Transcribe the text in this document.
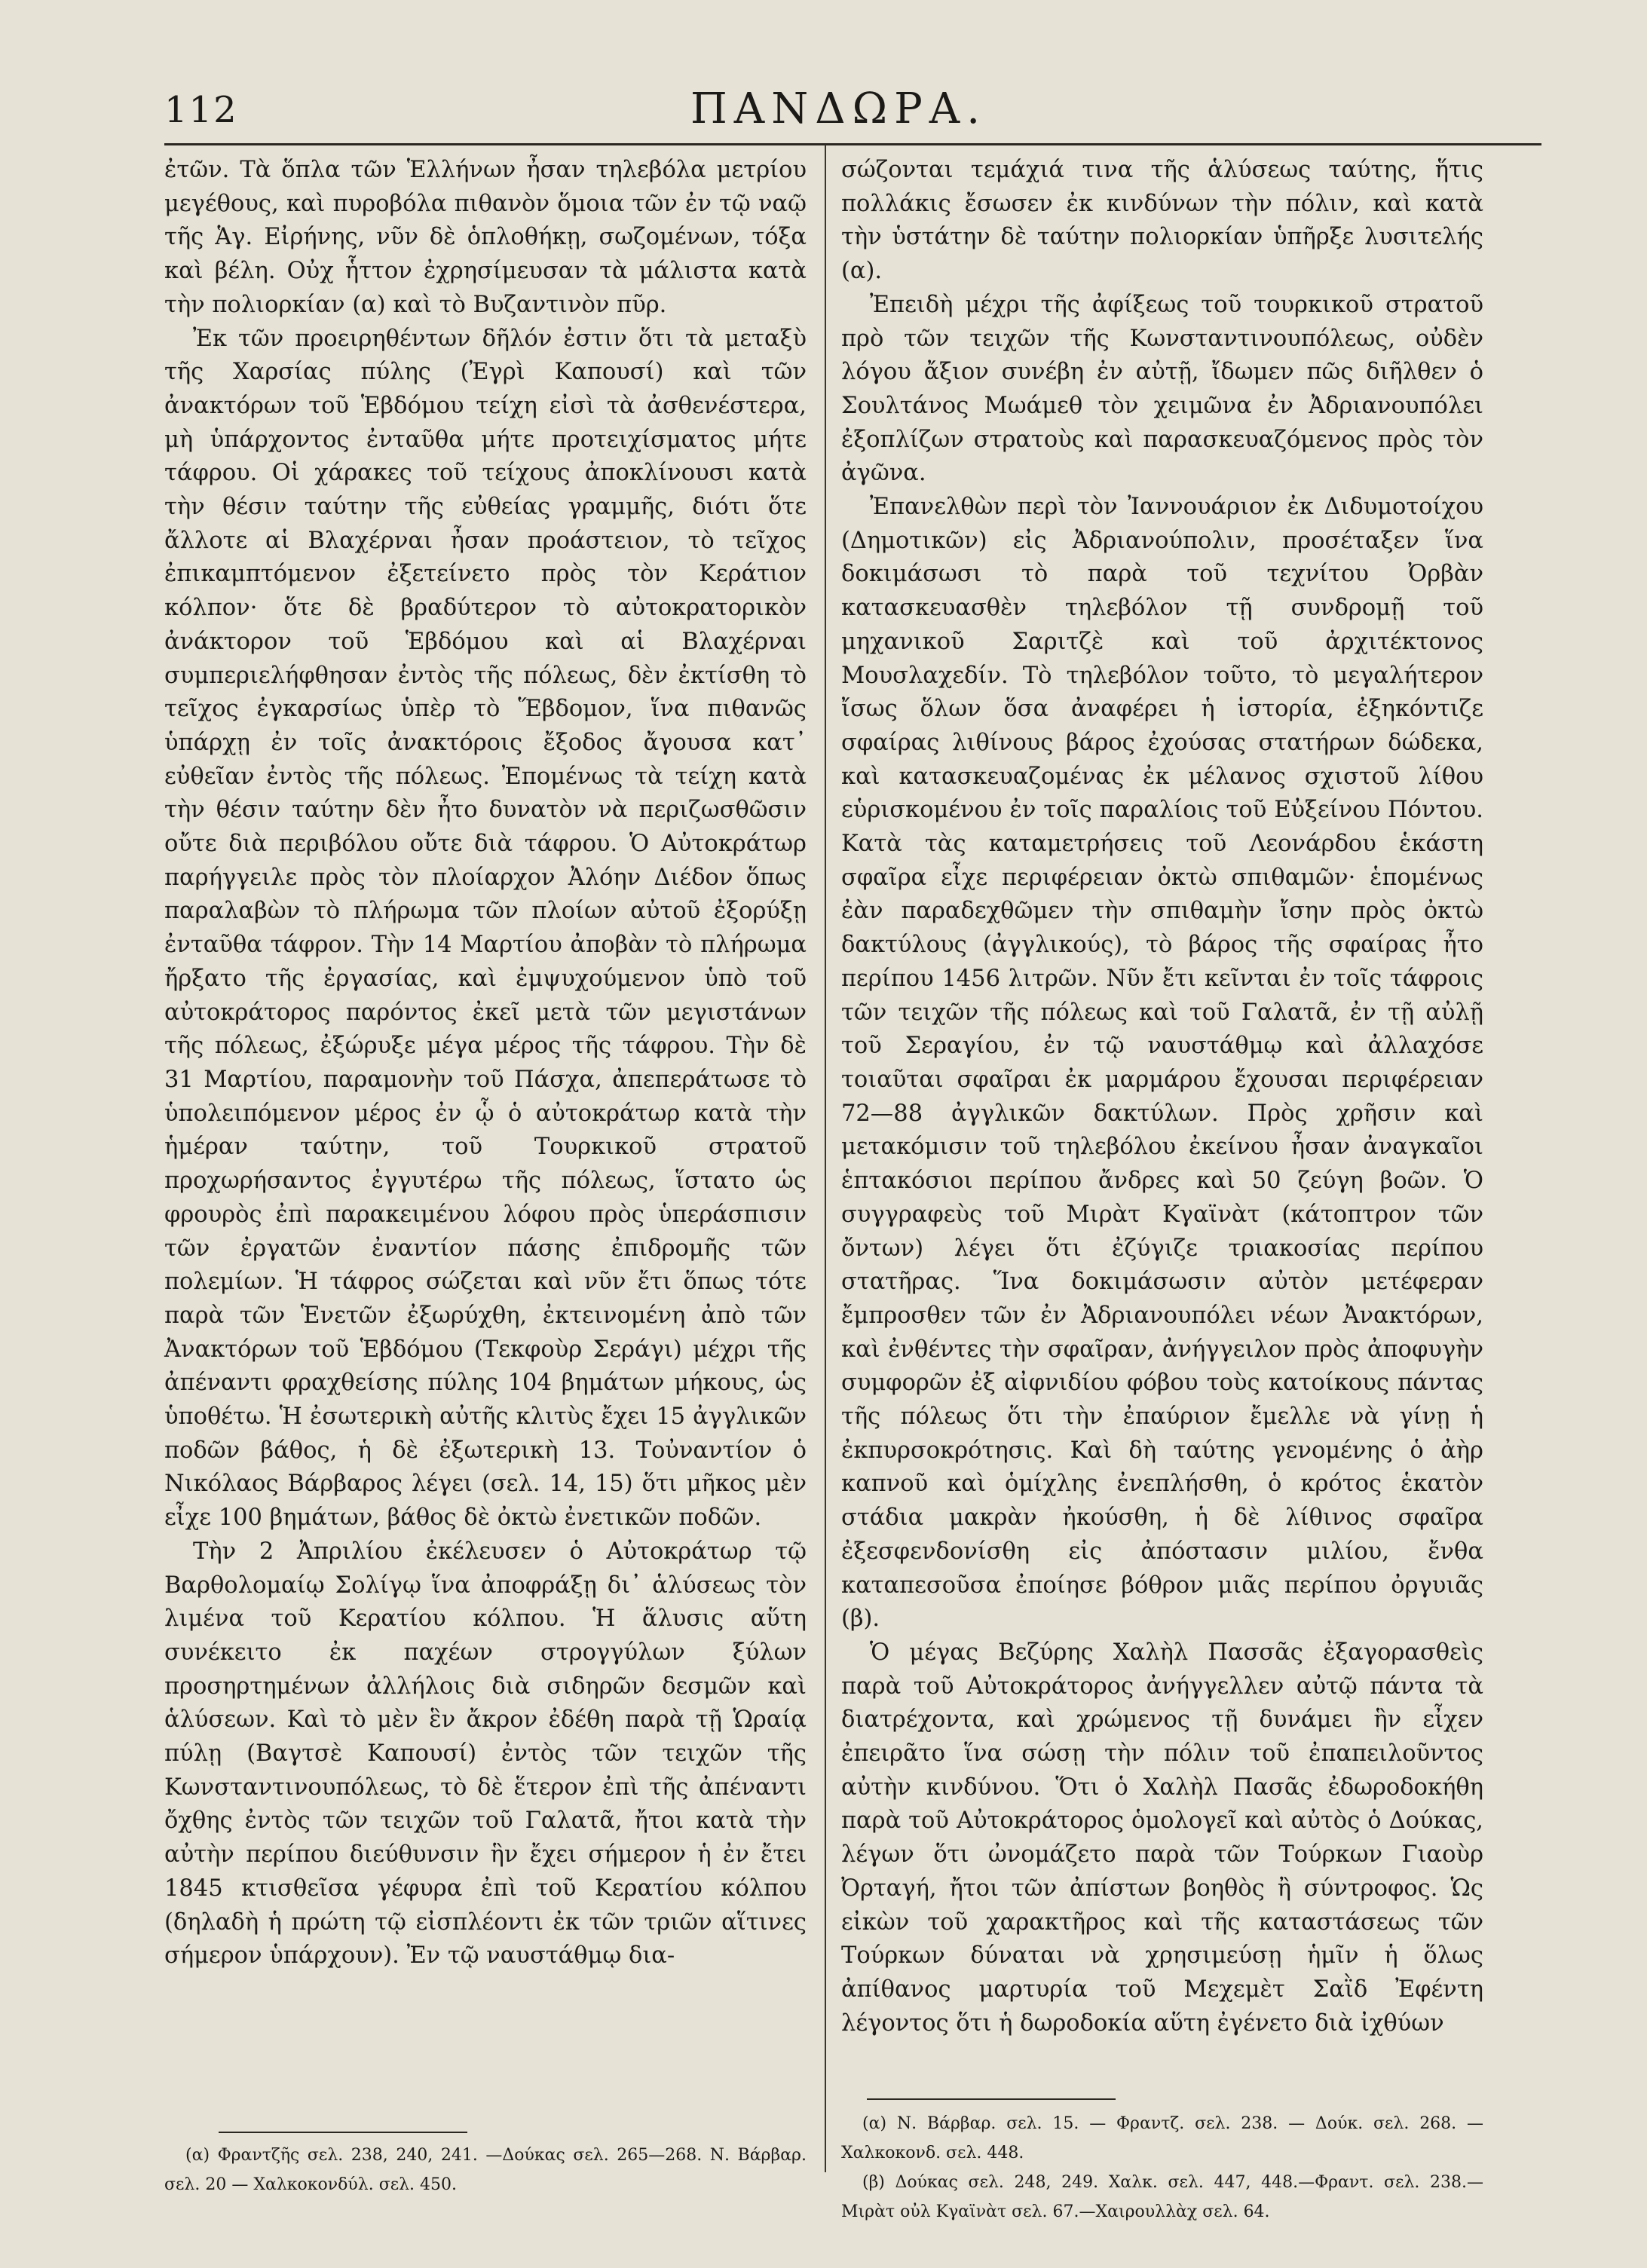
112	ΠΑΝΔΩΡΑ.

ἐτῶν. Τὰ ὅπλα τῶν Ἑλλήνων ἦσαν τηλεβόλα μετρίου μεγέθους, καὶ πυροβόλα πιθανὸν ὅμοια τῶν ἐν τῷ ναῷ τῆς Ἁγ. Εἰρήνης, νῦν δὲ ὁπλοθήκῃ, σωζομένων, τόξα καὶ βέλη. Οὐχ ἧττον ἐχρησίμευσαν τὰ μάλιστα κατὰ τὴν πολιορκίαν (α) καὶ τὸ Βυζαντινὸν πῦρ.

Ἐκ τῶν προειρηθέντων δῆλόν ἐστιν ὅτι τὰ μεταξὺ τῆς Χαρσίας πύλης (Ἐγρὶ Καπουσί) καὶ τῶν ἀνακτόρων τοῦ Ἑβδόμου τείχη εἰσὶ τὰ ἀσθενέστερα, μὴ ὑπάρχοντος ἐνταῦθα μήτε προτειχίσματος μήτε τάφρου. Οἱ χάρακες τοῦ τείχους ἀποκλίνουσι κατὰ τὴν θέσιν ταύτην τῆς εὐθείας γραμμῆς, διότι ὅτε ἄλλοτε αἱ Βλαχέρναι ἦσαν προάστειον, τὸ τεῖχος ἐπικαμπτόμενον ἐξετείνετο πρὸς τὸν Κεράτιον κόλπον· ὅτε δὲ βραδύτερον τὸ αὐτοκρατορικὸν ἀνάκτορον τοῦ Ἑβδόμου καὶ αἱ Βλαχέρναι συμπεριελήφθησαν ἐντὸς τῆς πόλεως, δὲν ἐκτίσθη τὸ τεῖχος ἐγκαρσίως ὑπὲρ τὸ Ἕβδομον, ἵνα πιθανῶς ὑπάρχῃ ἐν τοῖς ἀνακτόροις ἔξοδος ἄγουσα κατ᾽ εὐθεῖαν ἐντὸς τῆς πόλεως. Ἐπομένως τὰ τείχη κατὰ τὴν θέσιν ταύτην δὲν ἦτο δυνατὸν νὰ περιζωσθῶσιν οὔτε διὰ περιβόλου οὔτε διὰ τάφρου. Ὁ Αὐτοκράτωρ παρήγγειλε πρὸς τὸν πλοίαρχον Ἀλόην Διέδον ὅπως παραλαβὼν τὸ πλήρωμα τῶν πλοίων αὐτοῦ ἐξορύξῃ ἐνταῦθα τάφρον. Τὴν 14 Μαρτίου ἀποβὰν τὸ πλήρωμα ἤρξατο τῆς ἐργασίας, καὶ ἐμψυχούμενον ὑπὸ τοῦ αὐτοκράτορος παρόντος ἐκεῖ μετὰ τῶν μεγιστάνων τῆς πόλεως, ἐξώρυξε μέγα μέρος τῆς τάφρου. Τὴν δὲ 31 Μαρτίου, παραμονὴν τοῦ Πάσχα, ἀπεπεράτωσε τὸ ὑπολειπόμενον μέρος ἐν ᾧ ὁ αὐτοκράτωρ κατὰ τὴν ἡμέραν ταύτην, τοῦ Τουρκικοῦ στρατοῦ προχωρήσαντος ἐγγυτέρω τῆς πόλεως, ἵστατο ὡς φρουρὸς ἐπὶ παρακειμένου λόφου πρὸς ὑπεράσπισιν τῶν ἐργατῶν ἐναντίον πάσης ἐπιδρομῆς τῶν πολεμίων. Ἡ τάφρος σώζεται καὶ νῦν ἔτι ὅπως τότε παρὰ τῶν Ἑνετῶν ἐξωρύχθη, ἐκτεινομένη ἀπὸ τῶν Ἀνακτόρων τοῦ Ἑβδόμου (Τεκφοὺρ Σεράγι) μέχρι τῆς ἀπέναντι φραχθείσης πύλης 104 βημάτων μήκους, ὡς ὑποθέτω. Ἡ ἐσωτερικὴ αὐτῆς κλιτὺς ἔχει 15 ἀγγλικῶν ποδῶν βάθος, ἡ δὲ ἐξωτερικὴ 13. Τοὐναντίον ὁ Νικόλαος Βάρβαρος λέγει (σελ. 14, 15) ὅτι μῆκος μὲν εἶχε 100 βημάτων, βάθος δὲ ὀκτὼ ἐνετικῶν ποδῶν.

Τὴν 2 Ἀπριλίου ἐκέλευσεν ὁ Αὐτοκράτωρ τῷ Βαρθολομαίῳ Σολίγῳ ἵνα ἀποφράξῃ δι᾽ ἁλύσεως τὸν λιμένα τοῦ Κερατίου κόλπου. Ἡ ἅλυσις αὕτη συνέκειτο ἐκ παχέων στρογγύλων ξύλων προσηρτημένων ἀλλήλοις διὰ σιδηρῶν δεσμῶν καὶ ἁλύσεων. Καὶ τὸ μὲν ἓν ἄκρον ἐδέθη παρὰ τῇ Ὡραίᾳ πύλῃ (Βαγτσὲ Καπουσί) ἐντὸς τῶν τειχῶν τῆς Κωνσταντινουπόλεως, τὸ δὲ ἕτερον ἐπὶ τῆς ἀπέναντι ὄχθης ἐντὸς τῶν τειχῶν τοῦ Γαλατᾶ, ἤτοι κατὰ τὴν αὐτὴν περίπου διεύθυνσιν ἣν ἔχει σήμερον ἡ ἐν ἔτει 1845 κτισθεῖσα γέφυρα ἐπὶ τοῦ Κερατίου κόλπου (δηλαδὴ ἡ πρώτη τῷ εἰσπλέοντι ἐκ τῶν τριῶν αἵτινες σήμερον ὑπάρχουν). Ἐν τῷ ναυστάθμῳ δια-

σώζονται τεμάχιά τινα τῆς ἁλύσεως ταύτης, ἥτις πολλάκις ἔσωσεν ἐκ κινδύνων τὴν πόλιν, καὶ κατὰ τὴν ὑστάτην δὲ ταύτην πολιορκίαν ὑπῆρξε λυσιτελής (α).

Ἐπειδὴ μέχρι τῆς ἀφίξεως τοῦ τουρκικοῦ στρατοῦ πρὸ τῶν τειχῶν τῆς Κωνσταντινουπόλεως, οὐδὲν λόγου ἄξιον συνέβη ἐν αὐτῇ, ἴδωμεν πῶς διῆλθεν ὁ Σουλτάνος Μωάμεθ τὸν χειμῶνα ἐν Ἀδριανουπόλει ἐξοπλίζων στρατοὺς καὶ παρασκευαζόμενος πρὸς τὸν ἀγῶνα.

Ἐπανελθὼν περὶ τὸν Ἰαννουάριον ἐκ Διδυμοτοίχου (Δημοτικῶν) εἰς Ἀδριανούπολιν, προσέταξεν ἵνα δοκιμάσωσι τὸ παρὰ τοῦ τεχνίτου Ὀρβὰν κατασκευασθὲν τηλεβόλον τῇ συνδρομῇ τοῦ μηχανικοῦ Σαριτζὲ καὶ τοῦ ἀρχιτέκτονος Μουσλαχεδίν. Τὸ τηλεβόλον τοῦτο, τὸ μεγαλήτερον ἴσως ὅλων ὅσα ἀναφέρει ἡ ἱστορία, ἐξηκόντιζε σφαίρας λιθίνους βάρος ἐχούσας στατήρων δώδεκα, καὶ κατασκευαζομένας ἐκ μέλανος σχιστοῦ λίθου εὑρισκομένου ἐν τοῖς παραλίοις τοῦ Εὐξείνου Πόντου. Κατὰ τὰς καταμετρήσεις τοῦ Λεονάρδου ἑκάστη σφαῖρα εἶχε περιφέρειαν ὀκτὼ σπιθαμῶν· ἑπομένως ἐὰν παραδεχθῶμεν τὴν σπιθαμὴν ἴσην πρὸς ὀκτὼ δακτύλους (ἀγγλικούς), τὸ βάρος τῆς σφαίρας ἦτο περίπου 1456 λιτρῶν. Νῦν ἔτι κεῖνται ἐν τοῖς τάφροις τῶν τειχῶν τῆς πόλεως καὶ τοῦ Γαλατᾶ, ἐν τῇ αὐλῇ τοῦ Σεραγίου, ἐν τῷ ναυστάθμῳ καὶ ἀλλαχόσε τοιαῦται σφαῖραι ἐκ μαρμάρου ἔχουσαι περιφέρειαν 72—88 ἀγγλικῶν δακτύλων. Πρὸς χρῆσιν καὶ μετακόμισιν τοῦ τηλεβόλου ἐκείνου ἦσαν ἀναγκαῖοι ἑπτακόσιοι περίπου ἄνδρες καὶ 50 ζεύγη βοῶν. Ὁ συγγραφεὺς τοῦ Μιρὰτ Κγαϊνὰτ (κάτοπτρον τῶν ὄντων) λέγει ὅτι ἐζύγιζε τριακοσίας περίπου στατῆρας. Ἵνα δοκιμάσωσιν αὐτὸν μετέφεραν ἔμπροσθεν τῶν ἐν Ἀδριανουπόλει νέων Ἀνακτόρων, καὶ ἐνθέντες τὴν σφαῖραν, ἀνήγγειλον πρὸς ἀποφυγὴν συμφορῶν ἐξ αἰφνιδίου φόβου τοὺς κατοίκους πάντας τῆς πόλεως ὅτι τὴν ἐπαύριον ἔμελλε νὰ γίνῃ ἡ ἐκπυρσοκρότησις. Καὶ δὴ ταύτης γενομένης ὁ ἀὴρ καπνοῦ καὶ ὁμίχλης ἐνεπλήσθη, ὁ κρότος ἑκατὸν στάδια μακρὰν ἠκούσθη, ἡ δὲ λίθινος σφαῖρα ἐξεσφενδονίσθη εἰς ἀπόστασιν μιλίου, ἔνθα καταπεσοῦσα ἐποίησε βόθρον μιᾶς περίπου ὀργυιᾶς (β).

Ὁ μέγας Βεζύρης Χαλὴλ Πασσᾶς ἐξαγορασθεὶς παρὰ τοῦ Αὐτοκράτορος ἀνήγγελλεν αὐτῷ πάντα τὰ διατρέχοντα, καὶ χρώμενος τῇ δυνάμει ἣν εἶχεν ἐπειρᾶτο ἵνα σώσῃ τὴν πόλιν τοῦ ἐπαπειλοῦντος αὐτὴν κινδύνου. Ὅτι ὁ Χαλὴλ Πασᾶς ἐδωροδοκήθη παρὰ τοῦ Αὐτοκράτορος ὁμολογεῖ καὶ αὐτὸς ὁ Δούκας, λέγων ὅτι ὠνομάζετο παρὰ τῶν Τούρκων Γιαοὺρ Ὀρταγή, ἤτοι τῶν ἀπίστων βοηθὸς ἢ σύντροφος. Ὡς εἰκὼν τοῦ χαρακτῆρος καὶ τῆς καταστάσεως τῶν Τούρκων δύναται νὰ χρησιμεύσῃ ἡμῖν ἡ ὅλως ἀπίθανος μαρτυρία τοῦ Μεχεμὲτ Σαῒδ Ἐφέντη λέγοντος ὅτι ἡ δωροδοκία αὕτη ἐγένετο διὰ ἰχθύων

(α) Φραντζῆς σελ. 238, 240, 241. —Δούκας σελ. 265—268. Ν. Βάρβαρ. σελ. 20 — Χαλκοκονδύλ. σελ. 450.

(α) Ν. Βάρβαρ. σελ. 15. — Φραντζ. σελ. 238. — Δούκ. σελ. 268. — Χαλκοκονδ. σελ. 448.

(β) Δούκας σελ. 248, 249. Χαλκ. σελ. 447, 448.—Φραντ. σελ. 238.— Μιρὰτ οὐλ Κγαϊνὰτ σελ. 67.—Χαιρουλλὰχ σελ. 64.
